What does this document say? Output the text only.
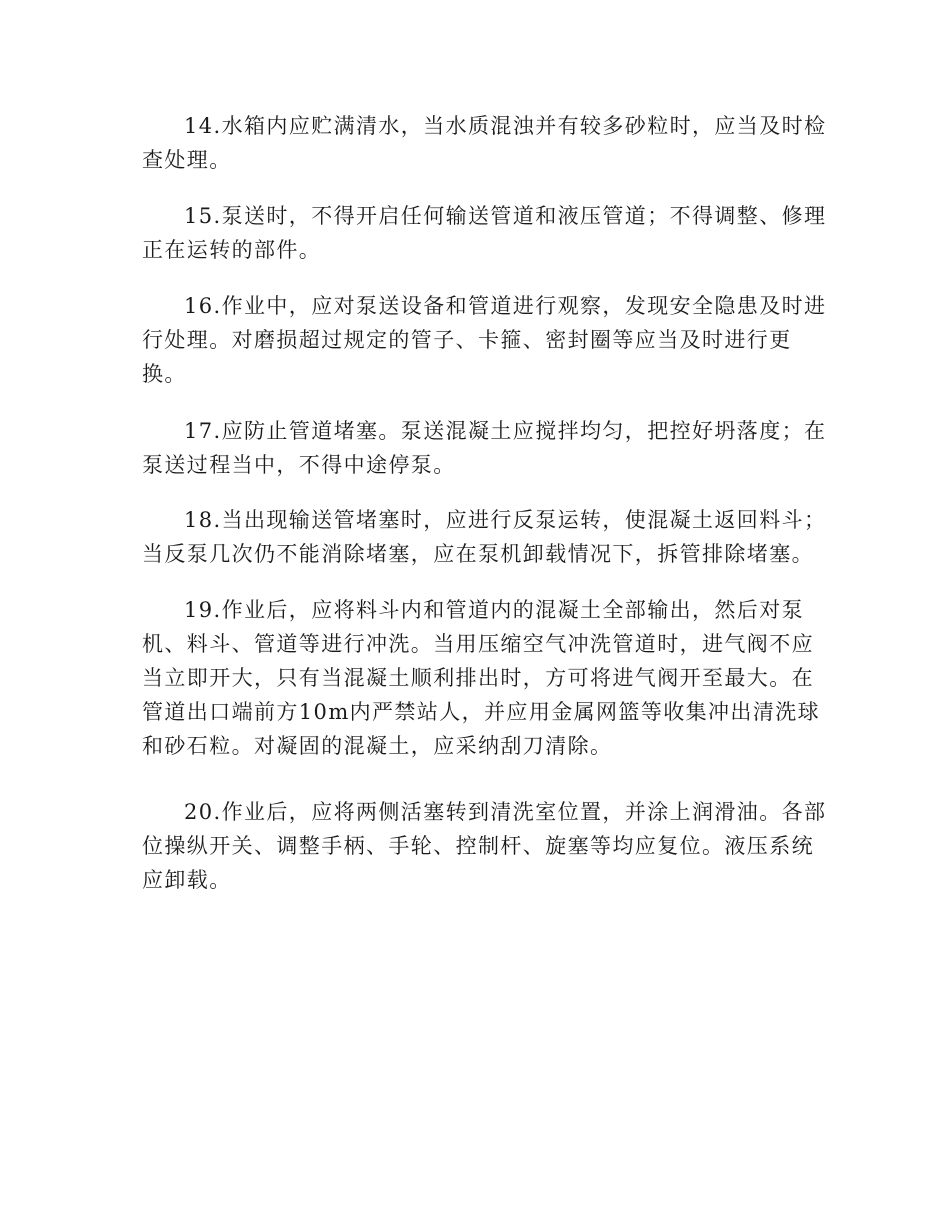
14.水箱内应贮满清水，当水质混浊并有较多砂粒时，应当及时检
查处理。
15.泵送时，不得开启任何输送管道和液压管道；不得调整、修理
正在运转的部件。
16.作业中，应对泵送设备和管道进行观察，发现安全隐患及时进
行处理。对磨损超过规定的管子、卡箍、密封圈等应当及时进行更
换。
17.应防止管道堵塞。泵送混凝土应搅拌均匀，把控好坍落度；在
泵送过程当中，不得中途停泵。
18.当出现输送管堵塞时，应进行反泵运转，使混凝土返回料斗；
当反泵几次仍不能消除堵塞，应在泵机卸载情况下，拆管排除堵塞。
19.作业后，应将料斗内和管道内的混凝土全部输出，然后对泵
机、料斗、管道等进行冲洗。当用压缩空气冲洗管道时，进气阀不应
当立即开大，只有当混凝土顺利排出时，方可将进气阀开至最大。在
管道出口端前方10m内严禁站人，并应用金属网篮等收集冲出清洗球
和砂石粒。对凝固的混凝土，应采纳刮刀清除。
20.作业后，应将两侧活塞转到清洗室位置，并涂上润滑油。各部
位操纵开关、调整手柄、手轮、控制杆、旋塞等均应复位。液压系统
应卸载。
